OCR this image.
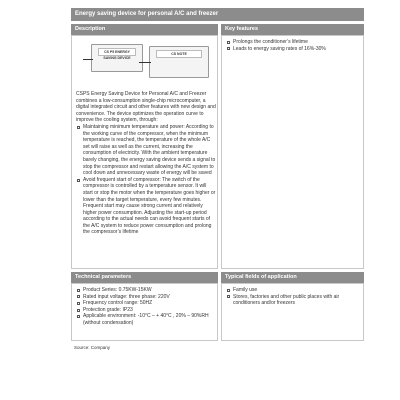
Energy saving device for personal A/C and freezer
Description	Key features
CS P5 ENERGY SAVING DEVICE
CS NOTE
CSPS Energy Saving Device for Personal A/C and Freezer combines a low-consumption single-chip microcomputer, a digital integrated circuit and other features with new design and convenience. The device optimizes the operation curve to improve the cooling system, through:
Maintaining minimum temperature and power: According to the working curve of the compressor, when the minimum temperature is reached, the temperature of the whole A/C set will raise as well as the current, increasing the consumption of electricity. With the ambient temperature barely changing, the energy saving device sends a signal to stop the compressor and restart allowing the A/C system to cool down and unnecessary waste of energy will be saved
Avoid frequent start of compressor: The switch of the compressor is controlled by a temperature sensor. It will start or stop the motor when the temperature goes higher or lower than the target temperature, every few minutes. Frequent start may cause strong current and relatively higher power consumption. Adjusting the start-up period according to the actual needs can avoid frequent starts of the A/C system to reduce power consumption and prolong the compressor’s lifetime
Prolongs the conditioner’s lifetime
Leads to energy saving rates of 16%-30%
Technical parameters	Typical fields of application
Product Series: 0.75KW-15KW
Rated input voltage: three phase: 220V
Frequency control range: 50HZ
Protection grade: IP23
Applicable environment: -10°C – + 40°C , 20% – 90%RH (without condensation)
Family use
Stores, factories and other public places with air conditioners and/or freezers
Source: Company
